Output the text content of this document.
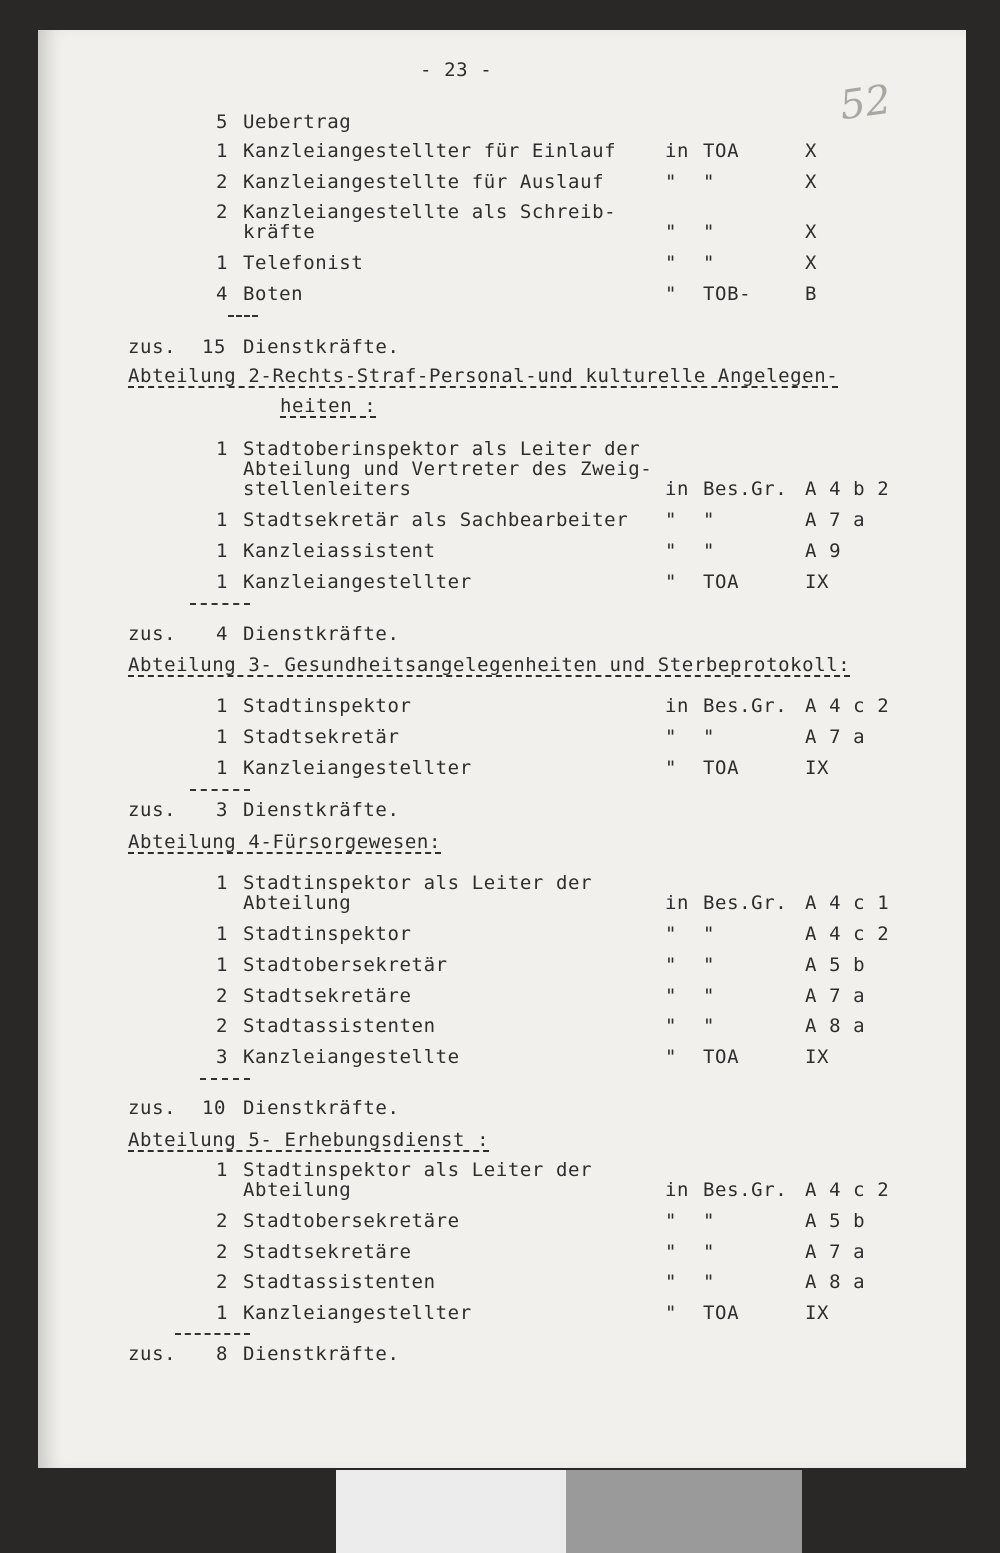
52
- 23 -
5 Uebertrag
1 Kanzleiangestellter für Einlauf	in TOA	X
2 Kanzleiangestellte für Auslauf	" "	X
2 Kanzleiangestellte als Schreib-
kräfte	" "	X
1 Telefonist	" "	X
4 Boten	" TOB-	B
zus. 15 Dienstkräfte.
Abteilung 2-Rechts-Straf-Personal-und kulturelle Angelegen-
heiten :
1 Stadtoberinspektor als Leiter der
Abteilung und Vertreter des Zweig-
stellenleiters	in Bes.Gr. A 4 b 2
1 Stadtsekretär als Sachbearbeiter " "	A 7 a
1 Kanzleiassistent	" "	A 9
1 Kanzleiangestellter	" TOA	IX
zus. 4 Dienstkräfte.
Abteilung 3- Gesundheitsangelegenheiten und Sterbeprotokoll:
1 Stadtinspektor	in Bes.Gr. A 4 c 2
1 Stadtsekretär	" "	A 7 a
1 Kanzleiangestellter	" TOA	IX
zus. 3 Dienstkräfte.
Abteilung 4-Fürsorgewesen:
1 Stadtinspektor als Leiter der
Abteilung	in Bes.Gr. A 4 c 1
1 Stadtinspektor	" "	A 4 c 2
1 Stadtobersekretär	" "	A 5 b
2 Stadtsekretäre	" "	A 7 a
2 Stadtassistenten	" "	A 8 a
3 Kanzleiangestellte	" TOA	IX
zus. 10 Dienstkräfte.
Abteilung 5- Erhebungsdienst :
1 Stadtinspektor als Leiter der
Abteilung	in Bes.Gr. A 4 c 2
2 Stadtobersekretäre	" "	A 5 b
2 Stadtsekretäre	" "	A 7 a
2 Stadtassistenten	" "	A 8 a
1 Kanzleiangestellter	" TOA	IX
zus. 8 Dienstkräfte.
